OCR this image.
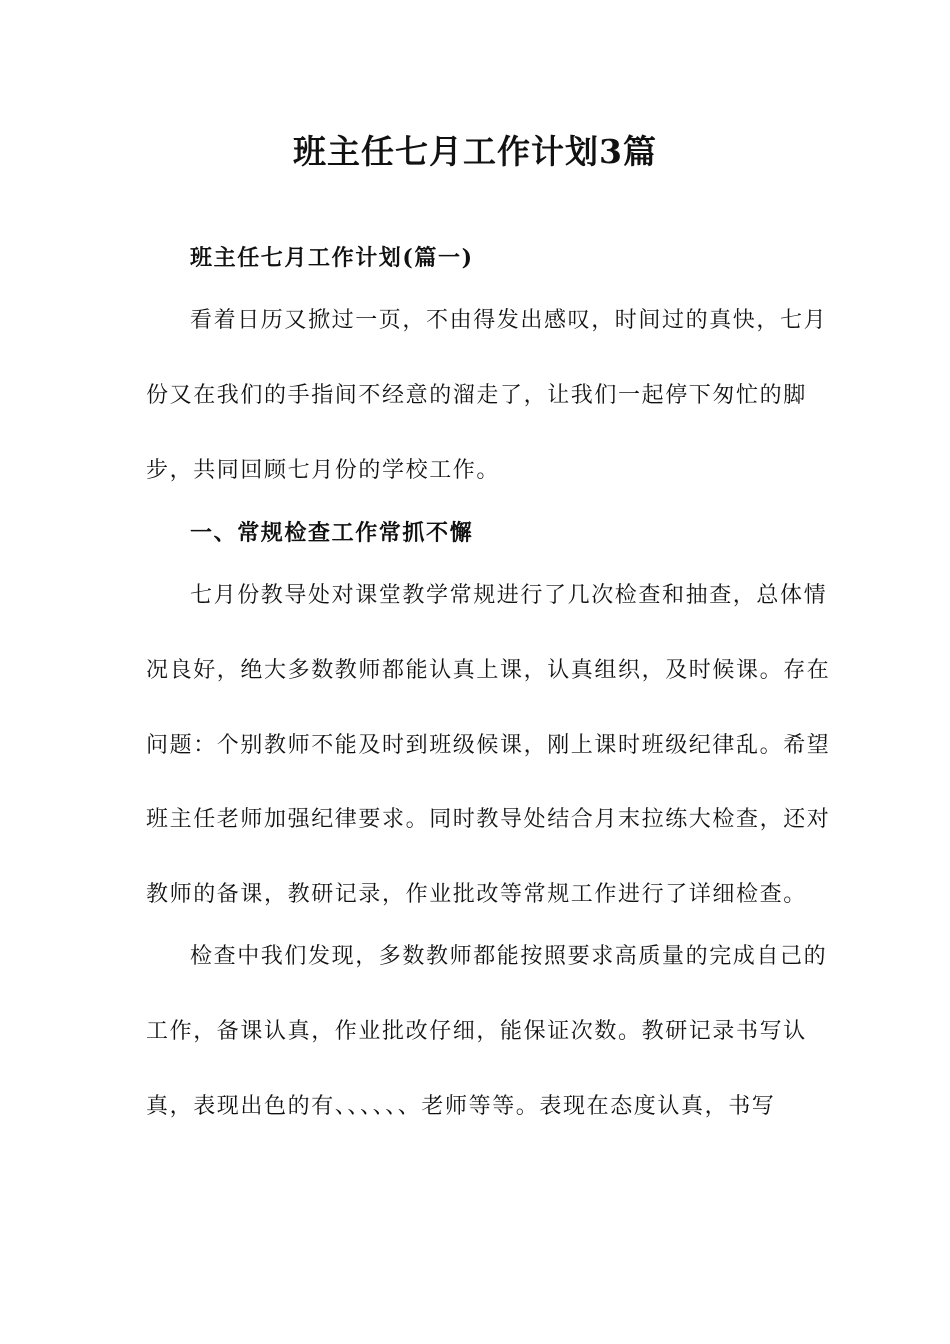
班主任七月工作计划3篇
班主任七月工作计划(篇一)
看着日历又掀过一页，不由得发出感叹，时间过的真快，七月
份又在我们的手指间不经意的溜走了，让我们一起停下匆忙的脚
步，共同回顾七月份的学校工作。
一、常规检查工作常抓不懈
七月份教导处对课堂教学常规进行了几次检查和抽查，总体情
况良好，绝大多数教师都能认真上课，认真组织，及时候课。存在
问题：个别教师不能及时到班级候课，刚上课时班级纪律乱。希望
班主任老师加强纪律要求。同时教导处结合月末拉练大检查，还对
教师的备课，教研记录，作业批改等常规工作进行了详细检查。
检查中我们发现，多数教师都能按照要求高质量的完成自己的
工作，备课认真，作业批改仔细，能保证次数。教研记录书写认
真，表现出色的有、、、、、、老师等等。表现在态度认真，书写
